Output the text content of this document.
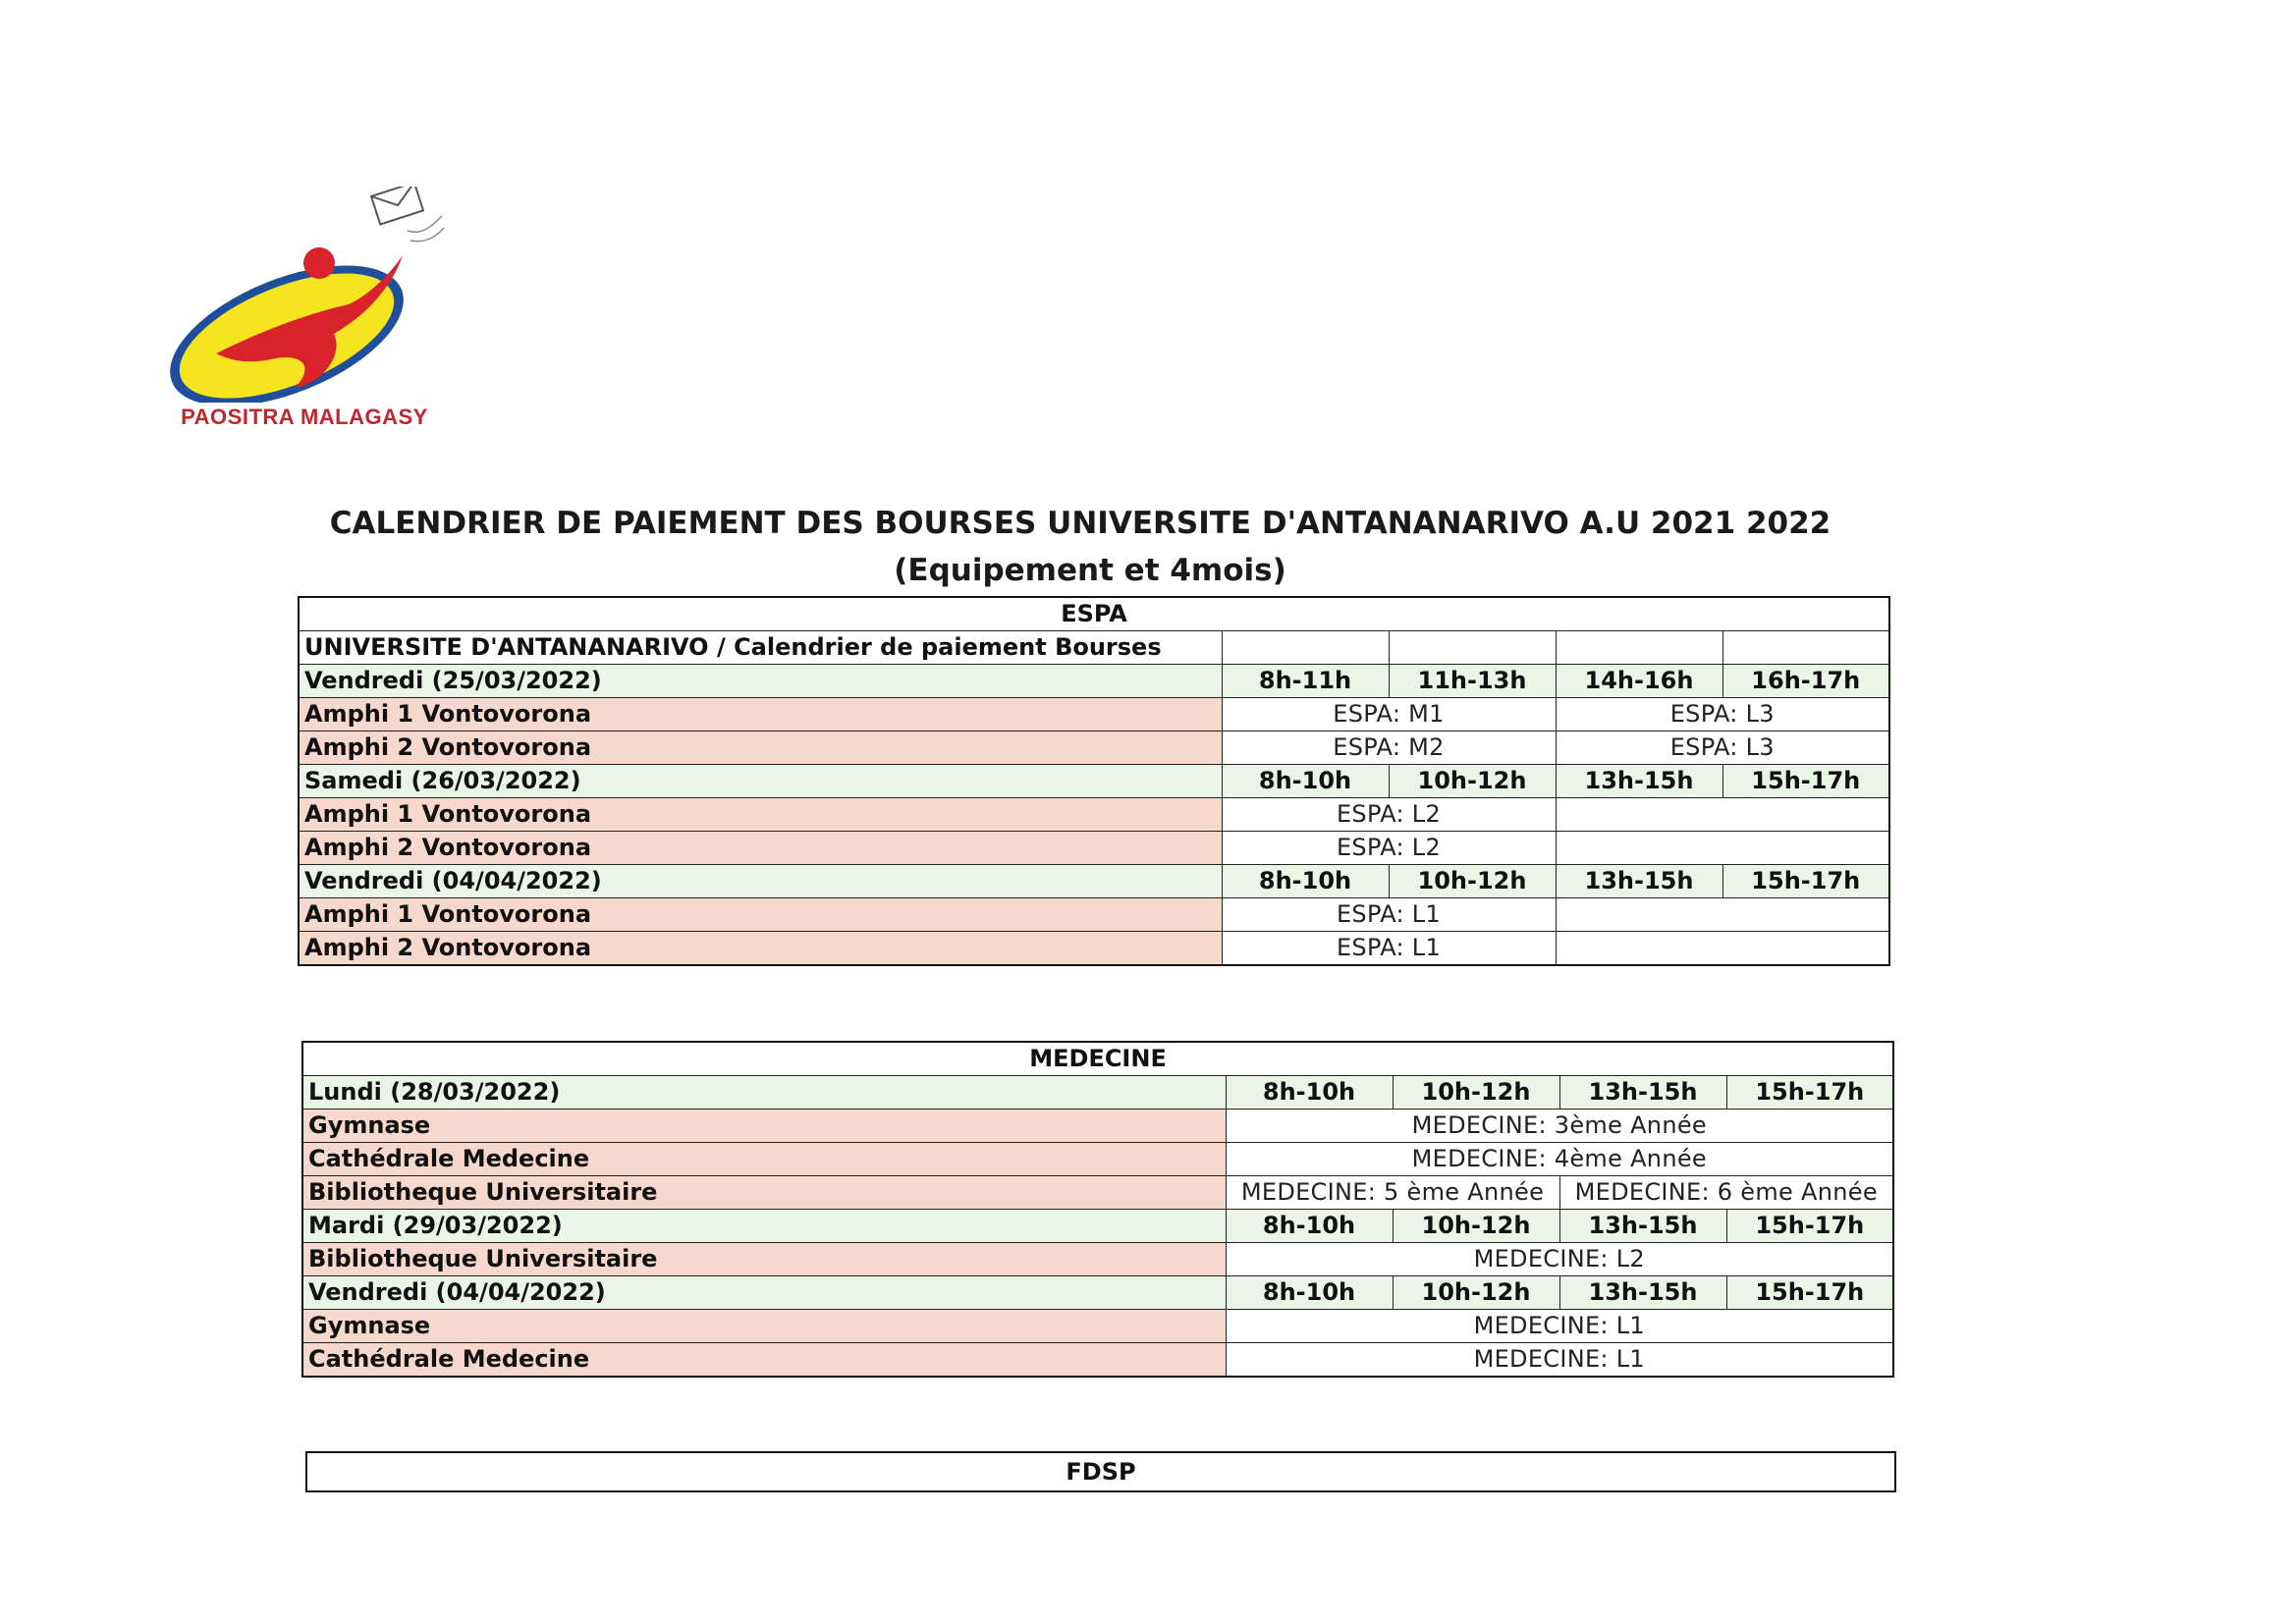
PAOSITRA MALAGASY
CALENDRIER DE PAIEMENT DES BOURSES UNIVERSITE D'ANTANANARIVO A.U 2021 2022
(Equipement et 4mois)
ESPA				
UNIVERSITE D'ANTANANARIVO / Calendrier de paiement Bourses				
Vendredi (25/03/2022)	8h-11h	11h-13h	14h-16h	16h-17h
Amphi 1 Vontovorona	ESPA: M1		ESPA: L3	
Amphi 2 Vontovorona	ESPA: M2		ESPA: L3	
Samedi (26/03/2022)	8h-10h	10h-12h	13h-15h	15h-17h
Amphi 1 Vontovorona	ESPA: L2			
Amphi 2 Vontovorona	ESPA: L2			
Vendredi (04/04/2022)	8h-10h	10h-12h	13h-15h	15h-17h
Amphi 1 Vontovorona	ESPA: L1			
Amphi 2 Vontovorona	ESPA: L1			
MEDECINE				
Lundi (28/03/2022)	8h-10h	10h-12h	13h-15h	15h-17h
Gymnase	MEDECINE: 3ème Année			
Cathédrale Medecine	MEDECINE: 4ème Année			
Bibliotheque Universitaire	MEDECINE: 5 ème Année		MEDECINE: 6 ème Année	
Mardi (29/03/2022)	8h-10h	10h-12h	13h-15h	15h-17h
Bibliotheque Universitaire	MEDECINE: L2			
Vendredi (04/04/2022)	8h-10h	10h-12h	13h-15h	15h-17h
Gymnase	MEDECINE: L1			
Cathédrale Medecine	MEDECINE: L1			
FDSP
